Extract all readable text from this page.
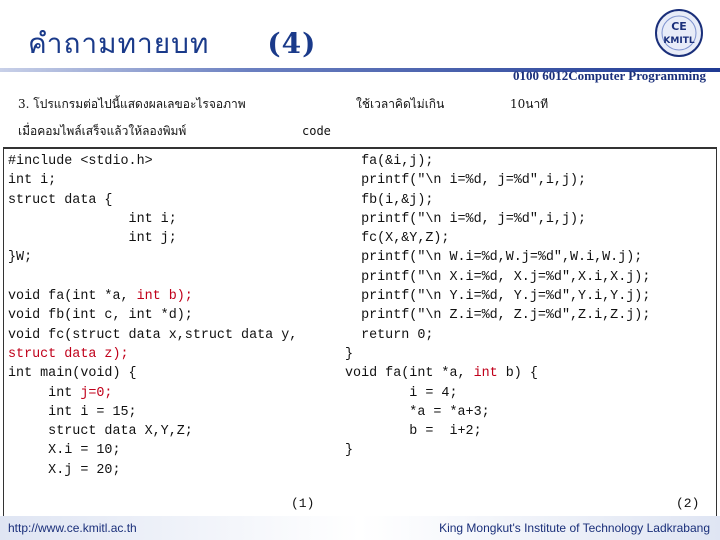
คำถามทายบท (4)
CE
KMITL
0100 6012Computer Programming
3. โปรแกรมต่อไปนี้แสดงผลเลขอะไรจอภาพ
เมื่อคอมไพล์เสร็จแล้วให้ลองพิมพ์
ใช้เวลาคิดไม่เกิน	10นาที
code
#include <stdio.h>
int i;
struct data {
int i;
int j;
}W;

void fa(int *a, int b);
void fb(int c, int *d);
void fc(struct data x,struct data y,
struct data z);
int main(void) {
int j=0;
int i = 15;
struct data X,Y,Z;
X.i = 10;
X.j = 20;
fa(&i,j);
printf("\n i=%d, j=%d",i,j);
fb(i,&j);
printf("\n i=%d, j=%d",i,j);
fc(X,&Y,Z);
printf("\n W.i=%d,W.j=%d",W.i,W.j);
printf("\n X.i=%d, X.j=%d",X.i,X.j);
printf("\n Y.i=%d, Y.j=%d",Y.i,Y.j);
printf("\n Z.i=%d, Z.j=%d",Z.i,Z.j);
return 0;
}
void fa(int *a, int b) {
i = 4;
*a = *a+3;
b =  i+2;
}
(1)	(2)
http://www.ce.kmitl.ac.th	King Mongkut's Institute of Technology Ladkrabang
